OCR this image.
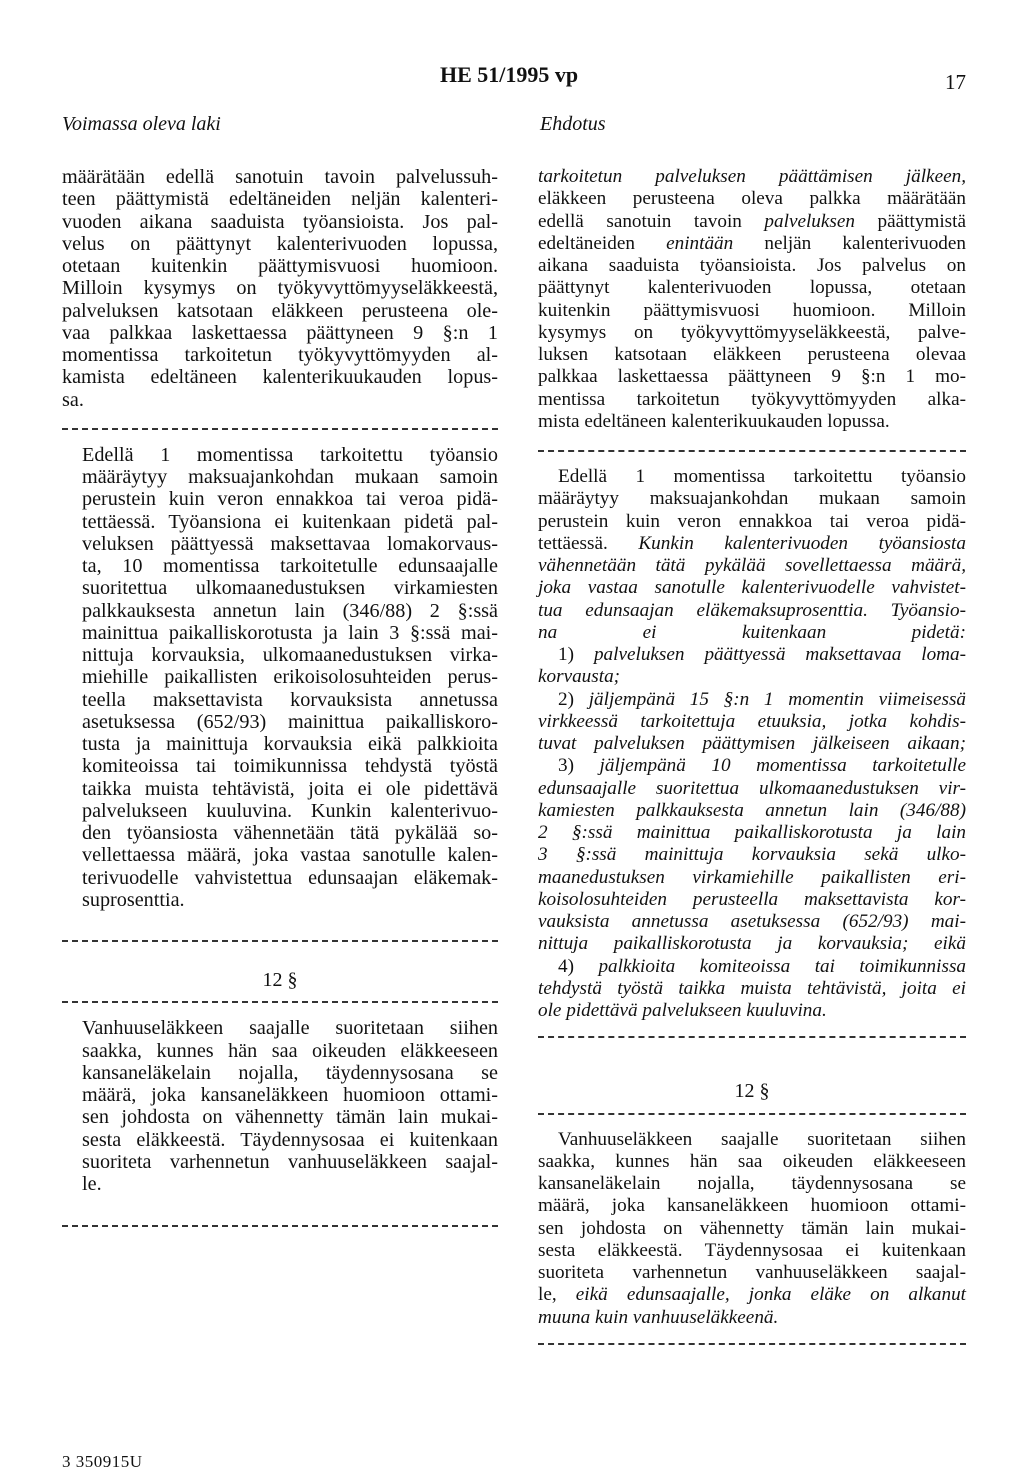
HE 51/1995 vp	17
Voimassa oleva laki	Ehdotus

määrätään edellä sanotuin tavoin palvelussuh-
teen päättymistä edeltäneiden neljän kalenteri-
vuoden aikana saaduista työansioista. Jos pal-
velus on päättynyt kalenterivuoden lopussa,
otetaan kuitenkin päättymisvuosi huomioon.
Milloin kysymys on työkyvyttömyyseläkkeestä,
palveluksen katsotaan eläkkeen perusteena ole-
vaa palkkaa laskettaessa päättyneen 9 §:n 1
momentissa tarkoitetun työkyvyttömyyden al-
kamista edeltäneen kalenterikuukauden lopus-
sa.

Edellä 1 momentissa tarkoitettu työansio
määräytyy maksuajankohdan mukaan samoin
perustein kuin veron ennakkoa tai veroa pidä-
tettäessä. Työansiona ei kuitenkaan pidetä pal-
veluksen päättyessä maksettavaa lomakorvaus-
ta, 10 momentissa tarkoitetulle edunsaajalle
suoritettua ulkomaanedustuksen virkamiesten
palkkauksesta annetun lain (346/88) 2 §:ssä
mainittua paikalliskorotusta ja lain 3 §:ssä mai-
nittuja korvauksia, ulkomaanedustuksen virka-
miehille paikallisten erikoisolosuhteiden perus-
teella maksettavista korvauksista annetussa
asetuksessa (652/93) mainittua paikalliskoro-
tusta ja mainittuja korvauksia eikä palkkioita
komiteoissa tai toimikunnissa tehdystä työstä
taikka muista tehtävistä, joita ei ole pidettävä
palvelukseen kuuluvina. Kunkin kalenterivuo-
den työansiosta vähennetään tätä pykälää so-
vellettaessa määrä, joka vastaa sanotulle kalen-
terivuodelle vahvistettua edunsaajan eläkemak-
suprosenttia.

12 §

Vanhuuseläkkeen saajalle suoritetaan siihen
saakka, kunnes hän saa oikeuden eläkkeeseen
kansaneläkelain nojalla, täydennysosana se
määrä, joka kansaneläkkeen huomioon ottami-
sen johdosta on vähennetty tämän lain mukai-
sesta eläkkeestä. Täydennysosaa ei kuitenkaan
suoriteta varhennetun vanhuuseläkkeen saajal-
le.

tarkoitetun palveluksen päättämisen jälkeen,
eläkkeen perusteena oleva palkka määrätään
edellä sanotuin tavoin palveluksen päättymistä
edeltäneiden enintään neljän kalenterivuoden
aikana saaduista työansioista. Jos palvelus on
päättynyt kalenterivuoden lopussa, otetaan
kuitenkin päättymisvuosi huomioon. Milloin
kysymys on työkyvyttömyyseläkkeestä, palve-
luksen katsotaan eläkkeen perusteena olevaa
palkkaa laskettaessa päättyneen 9 §:n 1 mo-
mentissa tarkoitetun työkyvyttömyyden alka-
mista edeltäneen kalenterikuukauden lopussa.

Edellä 1 momentissa tarkoitettu työansio
määräytyy maksuajankohdan mukaan samoin
perustein kuin veron ennakkoa tai veroa pidä-
tettäessä. Kunkin kalenterivuoden työansiosta
vähennetään tätä pykälää sovellettaessa määrä,
joka vastaa sanotulle kalenterivuodelle vahvistet-
tua edunsaajan eläkemaksuprosenttia. Työansio-
na ei kuitenkaan pidetä:
1) palveluksen päättyessä maksettavaa loma-
korvausta;
2) jäljempänä 15 §:n 1 momentin viimeisessä
virkkeessä tarkoitettuja etuuksia, jotka kohdis-
tuvat palveluksen päättymisen jälkeiseen aikaan;
3) jäljempänä 10 momentissa tarkoitetulle
edunsaajalle suoritettua ulkomaanedustuksen vir-
kamiesten palkkauksesta annetun lain (346/88)
2 §:ssä mainittua paikalliskorotusta ja lain
3 §:ssä mainittuja korvauksia sekä ulko-
maanedustuksen virkamiehille paikallisten eri-
koisolosuhteiden perusteella maksettavista kor-
vauksista annetussa asetuksessa (652/93) mai-
nittuja paikalliskorotusta ja korvauksia; eikä
4) palkkioita komiteoissa tai toimikunnissa
tehdystä työstä taikka muista tehtävistä, joita ei
ole pidettävä palvelukseen kuuluvina.

12 §

Vanhuuseläkkeen saajalle suoritetaan siihen
saakka, kunnes hän saa oikeuden eläkkeeseen
kansaneläkelain nojalla, täydennysosana se
määrä, joka kansaneläkkeen huomioon ottami-
sen johdosta on vähennetty tämän lain mukai-
sesta eläkkeestä. Täydennysosaa ei kuitenkaan
suoriteta varhennetun vanhuuseläkkeen saajal-
le, eikä edunsaajalle, jonka eläke on alkanut
muuna kuin vanhuuseläkkeenä.

3 350915U
